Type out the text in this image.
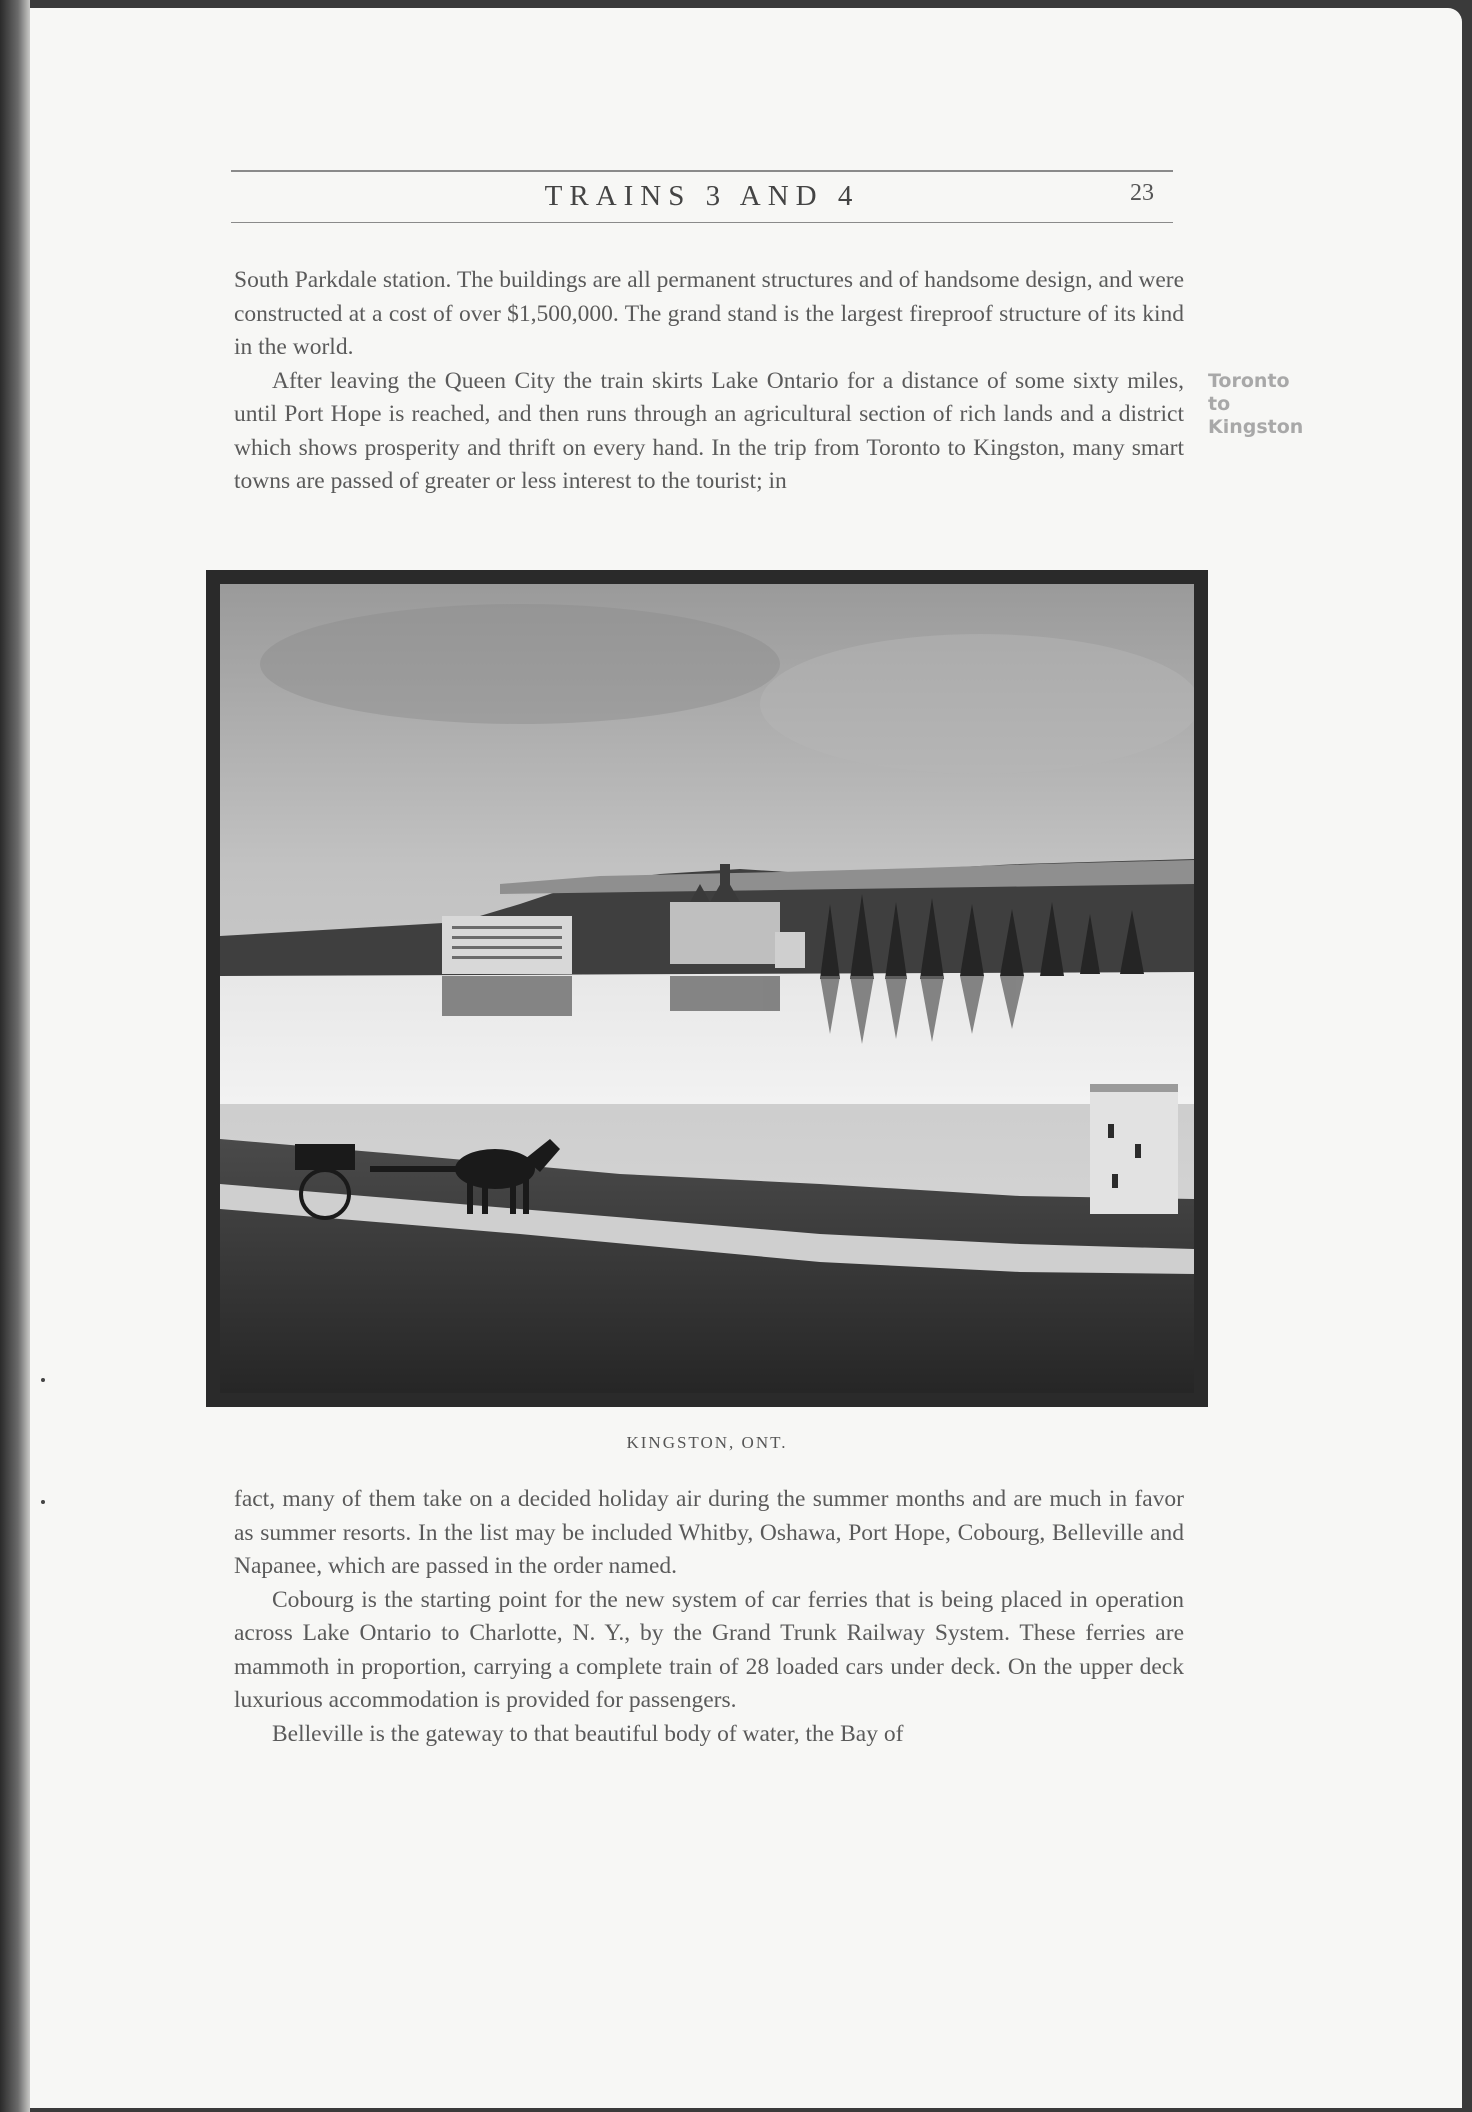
TRAINS 3 AND 4	23

South Parkdale station. The buildings are all permanent structures and of handsome design, and were constructed at a cost of over $1,500,000. The grand stand is the largest fireproof structure of its kind in the world.

After leaving the Queen City the train skirts Lake Ontario for a distance of some sixty miles, until Port Hope is reached, and then runs through an agricultural section of rich lands and a district which shows prosperity and thrift on every hand. In the trip from Toronto to Kingston, many smart towns are passed of greater or less interest to the tourist; in

Toronto
to
Kingston
KINGSTON, ONT.

fact, many of them take on a decided holiday air during the summer months and are much in favor as summer resorts. In the list may be included Whitby, Oshawa, Port Hope, Cobourg, Belleville and Napanee, which are passed in the order named.

Cobourg is the starting point for the new system of car ferries that is being placed in operation across Lake Ontario to Charlotte, N. Y., by the Grand Trunk Railway System. These ferries are mammoth in proportion, carrying a complete train of 28 loaded cars under deck. On the upper deck luxurious accommodation is provided for passengers.

Belleville is the gateway to that beautiful body of water, the Bay of
